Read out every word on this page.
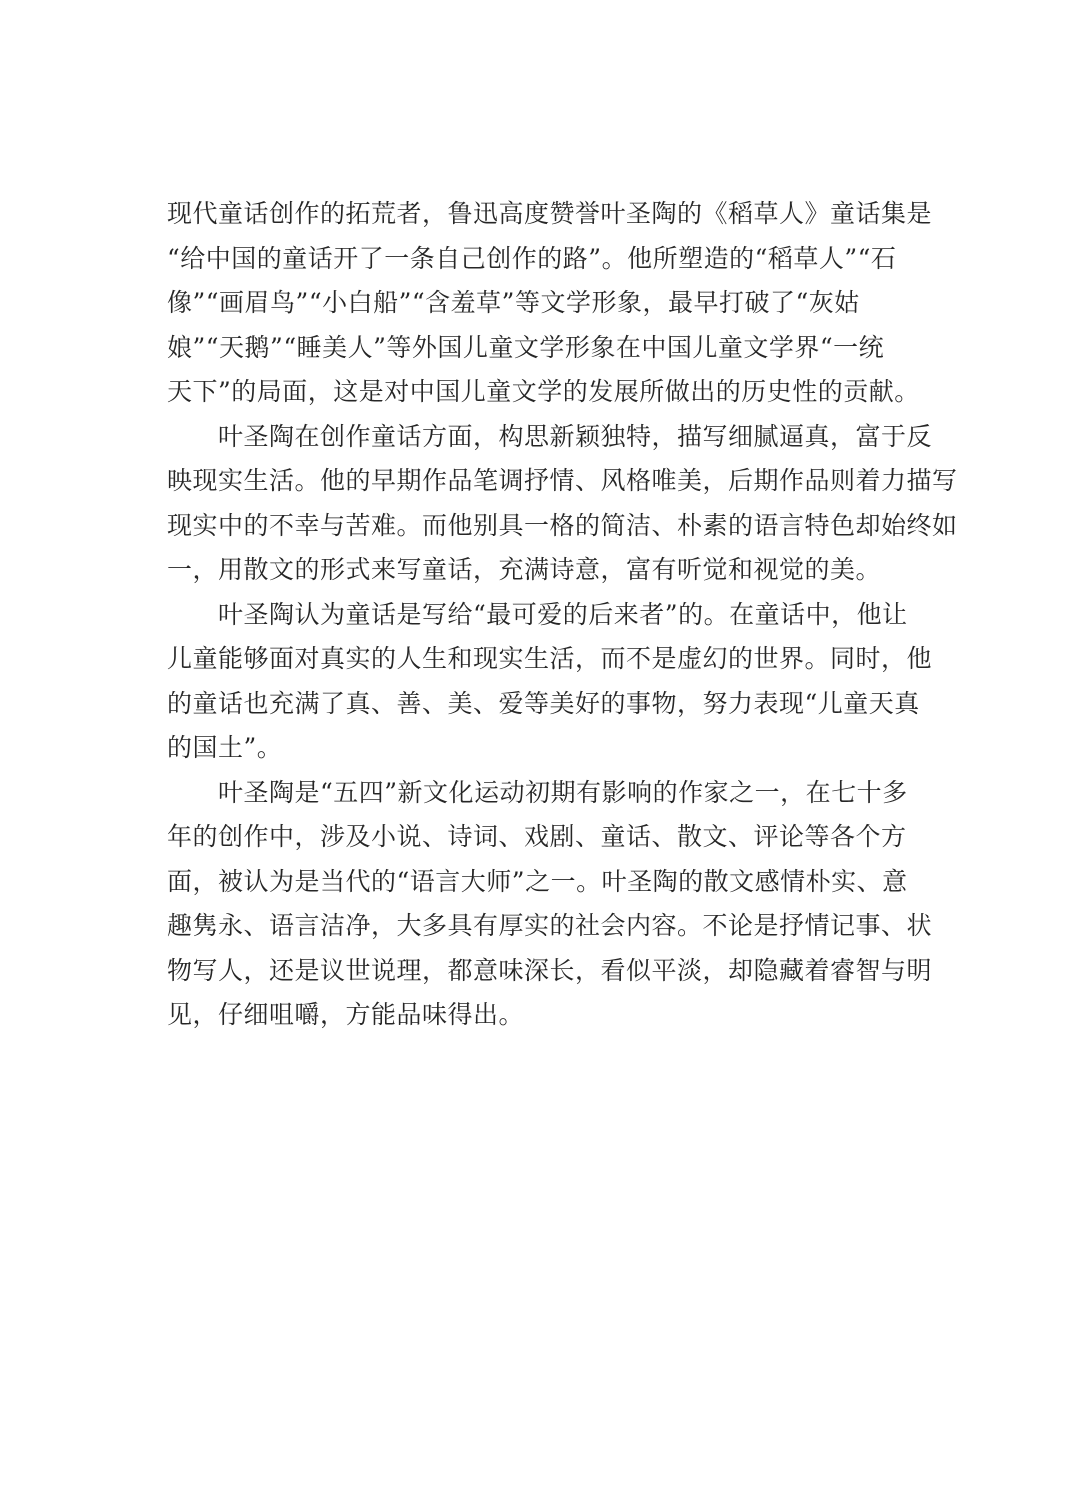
现代童话创作的拓荒者，鲁迅高度赞誉叶圣陶的《稻草人》童话集是
“给中国的童话开了一条自己创作的路”。他所塑造的“稻草人”“石
像”“画眉鸟”“小白船”“含羞草”等文学形象，最早打破了“灰姑
娘”“天鹅”“睡美人”等外国儿童文学形象在中国儿童文学界“一统
天下”的局面，这是对中国儿童文学的发展所做出的历史性的贡献。

　　叶圣陶在创作童话方面，构思新颖独特，描写细腻逼真，富于反
映现实生活。他的早期作品笔调抒情、风格唯美，后期作品则着力描写
现实中的不幸与苦难。而他别具一格的简洁、朴素的语言特色却始终如
一，用散文的形式来写童话，充满诗意，富有听觉和视觉的美。

　　叶圣陶认为童话是写给“最可爱的后来者”的。在童话中，他让
儿童能够面对真实的人生和现实生活，而不是虚幻的世界。同时，他
的童话也充满了真、善、美、爱等美好的事物，努力表现“儿童天真
的国土”。

　　叶圣陶是“五四”新文化运动初期有影响的作家之一，在七十多
年的创作中，涉及小说、诗词、戏剧、童话、散文、评论等各个方
面，被认为是当代的“语言大师”之一。叶圣陶的散文感情朴实、意
趣隽永、语言洁净，大多具有厚实的社会内容。不论是抒情记事、状
物写人，还是议世说理，都意味深长，看似平淡，却隐藏着睿智与明
见，仔细咀嚼，方能品味得出。
